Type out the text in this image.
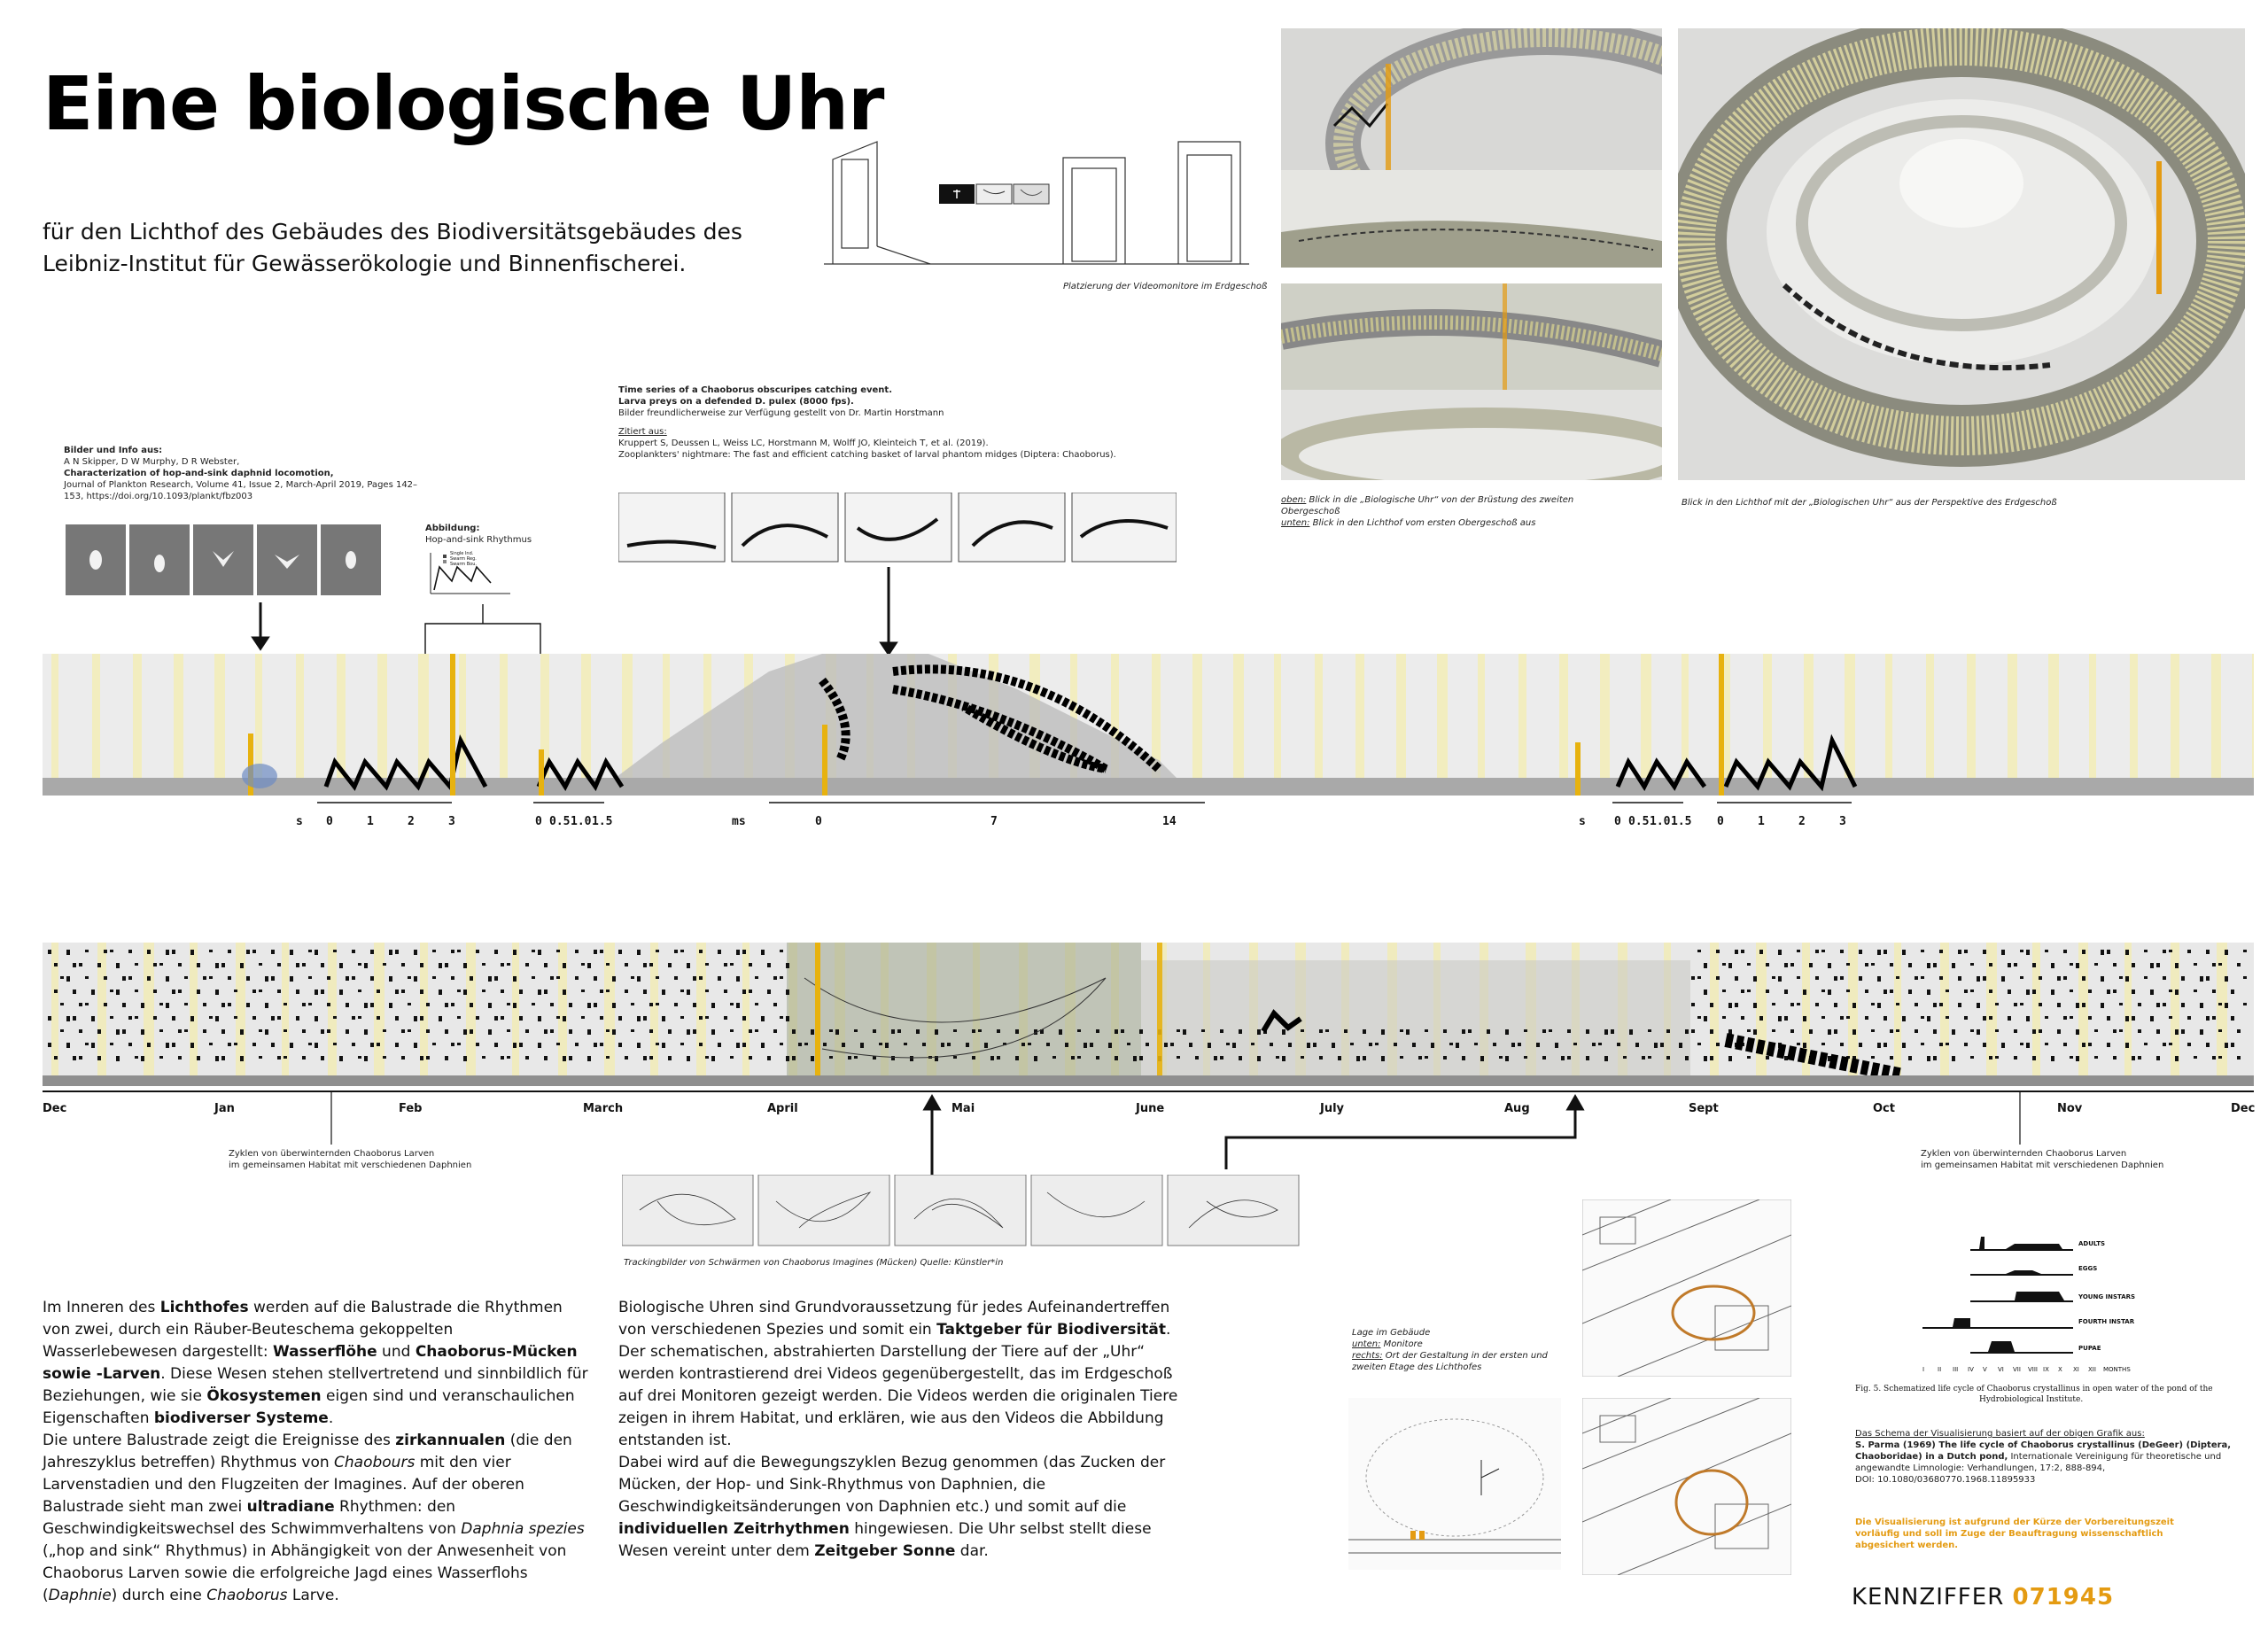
Eine biologische Uhr
für den Lichthof des Gebäudes des Biodiversitätsgebäudes des
Leibniz-Institut für Gewässerökologie und Binnenfischerei.
Platzierung der Videomonitore im Erdgeschoß
oben: Blick in die „Biologische Uhr“ von der Brüstung des zweiten
Obergeschoß
unten: Blick in den Lichthof vom ersten Obergeschoß aus
Blick in den Lichthof mit der „Biologischen Uhr“ aus der Perspektive des Erdgeschoß
Bilder und Info aus:
A N Skipper, D W Murphy, D R Webster,
Characterization of hop-and-sink daphnid locomotion,
Journal of Plankton Research, Volume 41, Issue 2, March-April 2019, Pages 142–
153, https://doi.org/10.1093/plankt/fbz003
Abbildung:
Hop-and-sink Rhythmus
Single Ind.
Swarm Reg.
Swarm Bou.
Time series of a Chaoborus obscuripes catching event.
Larva preys on a defended D. pulex (8000 fps).
Bilder freundlicherweise zur Verfügung gestellt von Dr. Martin Horstmann
Zitiert aus:
Kruppert S, Deussen L, Weiss LC, Horstmann M, Wolff JO, Kleinteich T, et al. (2019).
Zooplankters' nightmare: The fast and efficient catching basket of larval phantom midges (Diptera: Chaoborus).
s 0	1	2	3	0 0.5 1.0 1.5	ms	0	7	14	s 0 0.5 1.0 1.5 0	1	2	3
Dec	Jan	Feb	March	April	Mai	June	July	Aug	Sept	Oct	Nov	Dec
Zyklen von überwinternden Chaoborus Larven
im gemeinsamen Habitat mit verschiedenen Daphnien
Zyklen von überwinternden Chaoborus Larven
im gemeinsamen Habitat mit verschiedenen Daphnien
Trackingbilder von Schwärmen von Chaoborus Imagines (Mücken) Quelle: Künstler*in
Im Inneren des Lichthofes werden auf die Balustrade die Rhythmen von zwei, durch ein Räuber-Beuteschema gekoppelten Wasserlebewesen dargestellt: Wasserflöhe und Chaoborus-Mücken sowie -Larven. Diese Wesen stehen stellvertretend und sinnbildlich für Beziehungen, wie sie Ökosystemen eigen sind und veranschaulichen Eigenschaften biodiverser Systeme.
Die untere Balustrade zeigt die Ereignisse des zirkannualen (die den Jahreszyklus betreffen) Rhythmus von Chaobours mit den vier Larvenstadien und den Flugzeiten der Imagines. Auf der oberen Balustrade sieht man zwei ultradiane Rhythmen: den Geschwindigkeitswechsel des Schwimmverhaltens von Daphnia spezies („hop and sink“ Rhythmus) in Abhängigkeit von der Anwesenheit von Chaoborus Larven sowie die erfolgreiche Jagd eines Wasserflohs (Daphnie) durch eine Chaoborus Larve.
Biologische Uhren sind Grundvoraussetzung für jedes Aufeinandertreffen von verschiedenen Spezies und somit ein Taktgeber für Biodiversität. Der schematischen, abstrahierten Darstellung der Tiere auf der „Uhr“ werden kontrastierend drei Videos gegenübergestellt, das im Erdgeschoß auf drei Monitoren gezeigt werden. Die Videos werden die originalen Tiere zeigen in ihrem Habitat, und erklären, wie aus den Videos die Abbildung entstanden ist.
Dabei wird auf die Bewegungszyklen Bezug genommen (das Zucken der Mücken, der Hop- und Sink-Rhythmus von Daphnien, die Geschwindigkeitsänderungen von Daphnien etc.) und somit auf die individuellen Zeitrhythmen hingewiesen. Die Uhr selbst stellt diese Wesen vereint unter dem Zeitgeber Sonne dar.
Lage im Gebäude
unten: Monitore
rechts: Ort der Gestaltung in der ersten und
zweiten Etage des Lichthofes
ADULTS
EGGS
YOUNG INSTARS
FOURTH INSTAR
PUPAE
I II III IV V VI VII VIII IX X XI XII MONTHS
Fig. 5. Schematized life cycle of Chaoborus crystallinus in open water of the pond of the
Hydrobiological Institute.
Das Schema der Visualisierung basiert auf der obigen Grafik aus:
S. Parma (1969) The life cycle of Chaoborus crystallinus (DeGeer) (Diptera,
Chaoboridae) in a Dutch pond, Internationale Vereinigung für theoretische und
angewandte Limnologie: Verhandlungen, 17:2, 888-894,
DOI: 10.1080/03680770.1968.11895933
Die Visualisierung ist aufgrund der Kürze der Vorbereitungszeit
vorläufig und soll im Zuge der Beauftragung wissenschaftlich
abgesichert werden.
KENNZIFFER 071945
